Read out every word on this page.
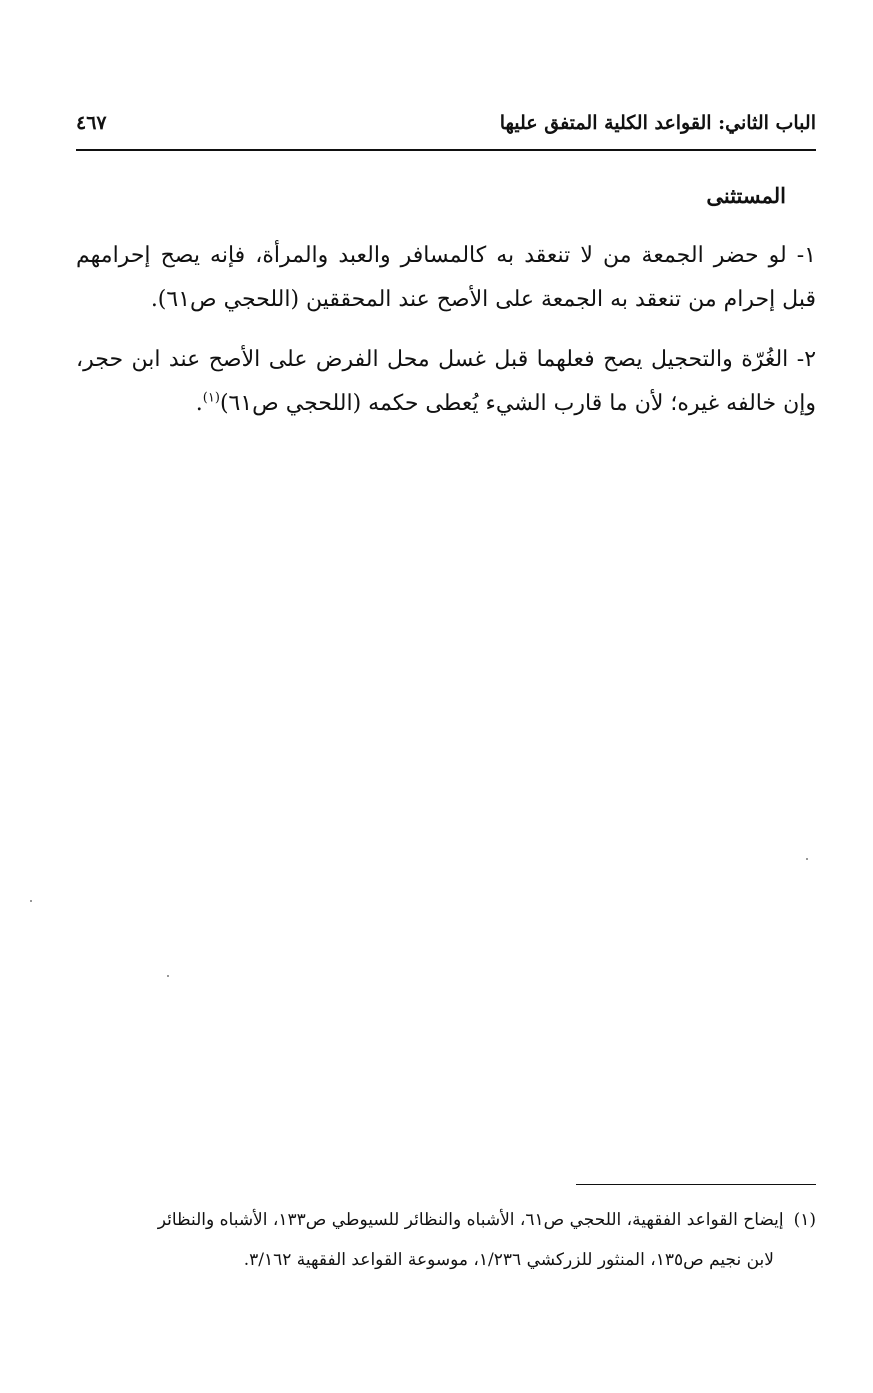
الباب الثاني: القواعد الكلية المتفق عليها
٤٦٧
المستثنى

١- لو حضر الجمعة من لا تنعقد به كالمسافر والعبد والمرأة، فإنه يصح إحرامهم قبل إحرام من تنعقد به الجمعة على الأصح عند المحققين (اللحجي ص٦١).

٢- الغُرّة والتحجيل يصح فعلهما قبل غسل محل الفرض على الأصح عند ابن حجر، وإن خالفه غيره؛ لأن ما قارب الشيء يُعطى حكمه (اللحجي ص٦١)$^{(١)}$.

(١)إيضاح القواعد الفقهية، اللحجي ص٦١، الأشباه والنظائر للسيوطي ص١٣٣، الأشباه والنظائر
لابن نجيم ص١٣٥، المنثور للزركشي ١/٢٣٦، موسوعة القواعد الفقهية ٣/١٦٢.
